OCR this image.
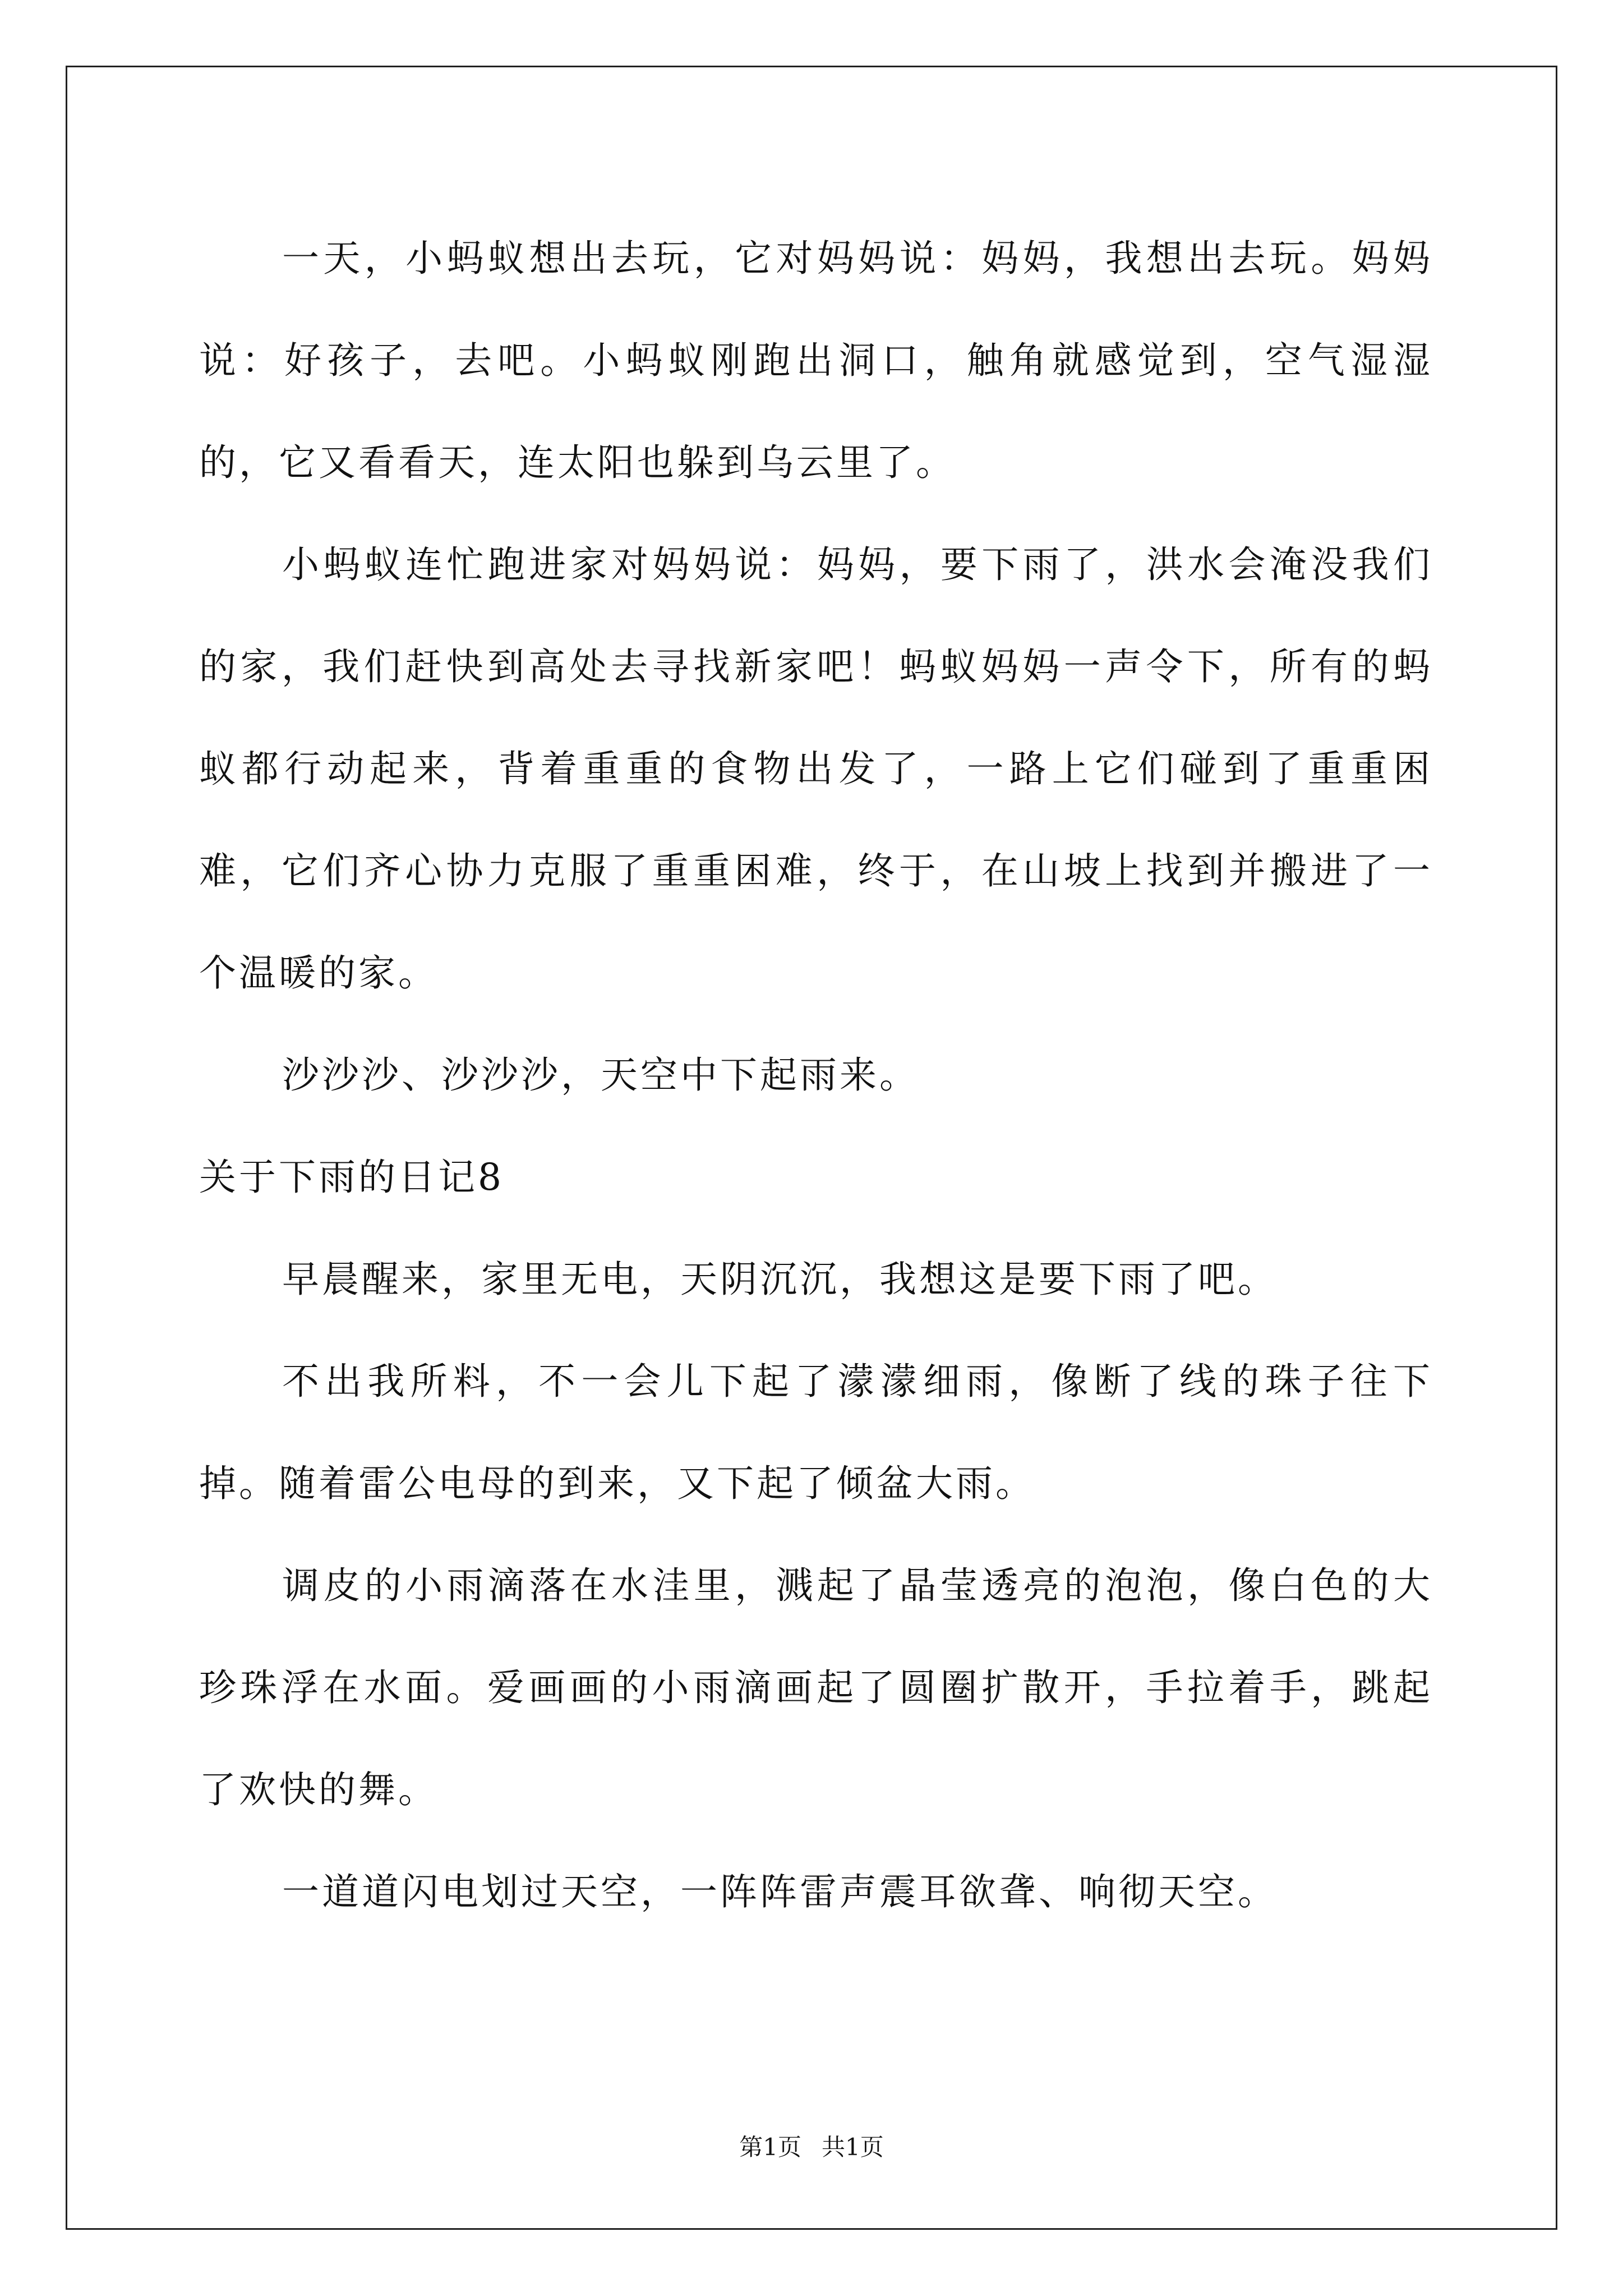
一天，小蚂蚁想出去玩，它对妈妈说：妈妈，我想出去玩。妈妈说：好孩子，去吧。小蚂蚁刚跑出洞口，触角就感觉到，空气湿湿的，它又看看天，连太阳也躲到乌云里了。

小蚂蚁连忙跑进家对妈妈说：妈妈，要下雨了，洪水会淹没我们的家，我们赶快到高处去寻找新家吧！蚂蚁妈妈一声令下，所有的蚂蚁都行动起来，背着重重的食物出发了，一路上它们碰到了重重困难，它们齐心协力克服了重重困难，终于，在山坡上找到并搬进了一个温暖的家。

沙沙沙、沙沙沙，天空中下起雨来。

关于下雨的日记8

早晨醒来，家里无电，天阴沉沉，我想这是要下雨了吧。

不出我所料，不一会儿下起了濛濛细雨，像断了线的珠子往下掉。随着雷公电母的到来，又下起了倾盆大雨。

调皮的小雨滴落在水洼里，溅起了晶莹透亮的泡泡，像白色的大珍珠浮在水面。爱画画的小雨滴画起了圆圈扩散开，手拉着手，跳起了欢快的舞。

一道道闪电划过天空，一阵阵雷声震耳欲聋、响彻天空。

第1页 共1页
